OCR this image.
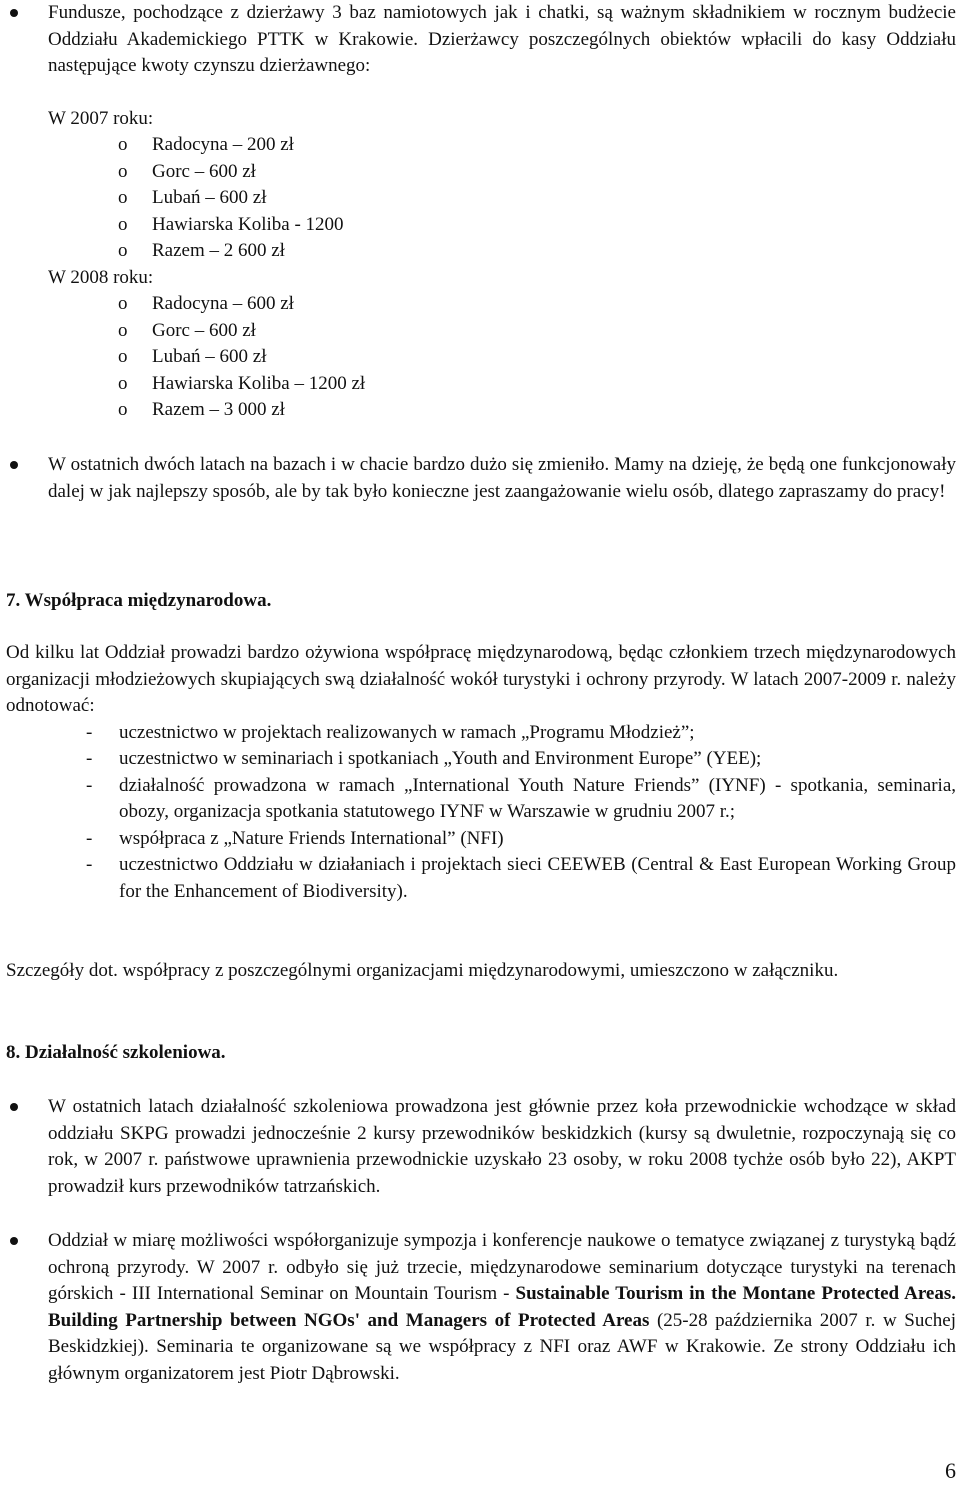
Fundusze, pochodzące z dzierżawy 3 baz namiotowych jak i chatki, są ważnym składnikiem w rocznym budżecie Oddziału Akademickiego PTTK w Krakowie. Dzierżawcy poszczególnych obiektów wpłacili do kasy Oddziału następujące kwoty czynszu dzierżawnego:

W 2007 roku:

o Radocyna – 200 zł
o Gorc – 600 zł
o Lubań – 600 zł
o Hawiarska Koliba - 1200
o Razem – 2 600 zł

W 2008 roku:

o Radocyna – 600 zł
o Gorc – 600 zł
o Lubań – 600 zł
o Hawiarska Koliba – 1200 zł
o Razem – 3 000 zł
W ostatnich dwóch latach na bazach i w chacie bardzo dużo się zmieniło. Mamy na dzieję, że będą one funkcjonowały dalej w jak najlepszy sposób, ale by tak było konieczne jest zaangażowanie wielu osób, dlatego zapraszamy do pracy!
7. Współpraca międzynarodowa.
Od kilku lat Oddział prowadzi bardzo ożywiona współpracę międzynarodową, będąc członkiem trzech międzynarodowych organizacji młodzieżowych skupiających swą działalność wokół turystyki i ochrony przyrody. W latach 2007-2009 r. należy odnotować:
- uczestnictwo w projektach realizowanych w ramach „Programu Młodzież”;
- uczestnictwo w seminariach i spotkaniach „Youth and Environment Europe” (YEE);
- działalność prowadzona w ramach „International Youth Nature Friends” (IYNF) - spotkania, seminaria, obozy, organizacja spotkania statutowego IYNF w Warszawie w grudniu 2007 r.;
- współpraca z „Nature Friends International” (NFI)
- uczestnictwo Oddziału w działaniach i projektach sieci CEEWEB (Central & East European Working Group for the Enhancement of Biodiversity).
Szczegóły dot. współpracy z poszczególnymi organizacjami międzynarodowymi, umieszczono w załączniku.
8. Działalność szkoleniowa.
W ostatnich latach działalność szkoleniowa prowadzona jest głównie przez koła przewodnickie wchodzące w skład oddziału SKPG prowadzi jednocześnie 2 kursy przewodników beskidzkich (kursy są dwuletnie, rozpoczynają się co rok, w 2007 r. państwowe uprawnienia przewodnickie uzyskało 23 osoby, w roku 2008 tychże osób było 22), AKPT prowadził kurs przewodników tatrzańskich.
Oddział w miarę możliwości współorganizuje sympozja i konferencje naukowe o tematyce związanej z turystyką bądź ochroną przyrody. W 2007 r. odbyło się już trzecie, międzynarodowe seminarium dotyczące turystyki na terenach górskich - III International Seminar on Mountain Tourism - Sustainable Tourism in the Montane Protected Areas. Building Partnership between NGOs' and Managers of Protected Areas (25-28 października 2007 r. w Suchej Beskidzkiej). Seminaria te organizowane są we współpracy z NFI oraz AWF w Krakowie. Ze strony Oddziału ich głównym organizatorem jest Piotr Dąbrowski.
6
